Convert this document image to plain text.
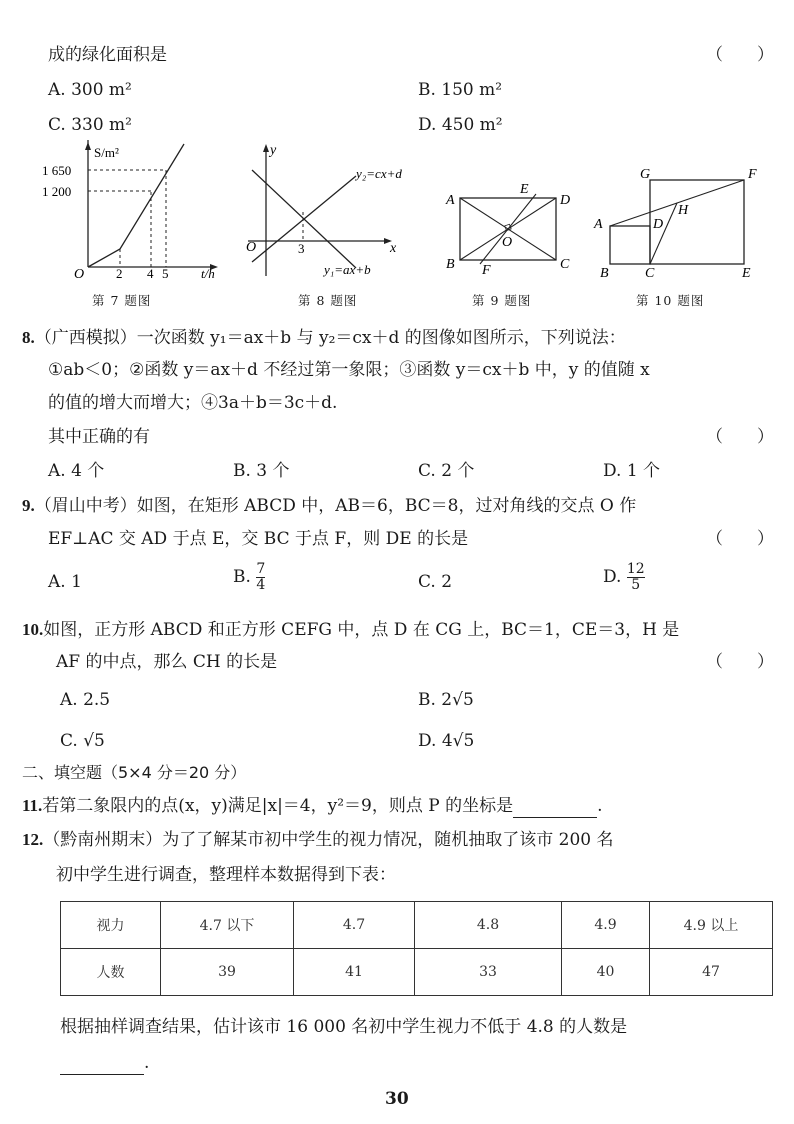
成的绿化面积是	（　　）
A. 300 m²	B. 150 m²
C. 330 m²	D. 450 m²
S/m²
t/h
1 650
1 200
2 4 5
O
第 7 题图
y
x
O	3
y₂=cx+d
y₁=ax+b
第 8 题图
A
B	C
D
E
F
O
第 9 题图
G	F
A	D
H
B	C	E
第 10 题图
8.（广西模拟）一次函数 y₁＝ax＋b 与 y₂＝cx＋d 的图像如图所示，下列说法：
①ab＜0；②函数 y＝ax＋d 不经过第一象限；③函数 y＝cx＋b 中，y 的值随 x
的值的增大而增大；④3a＋b＝3c＋d.
其中正确的有	（　　）
A. 4 个	B. 3 个	C. 2 个	D. 1 个
9.（眉山中考）如图，在矩形 ABCD 中，AB＝6，BC＝8，过对角线的交点 O 作
EF⊥AC 交 AD 于点 E，交 BC 于点 F，则 DE 的长是	（　　）
A. 1	B. $\frac{7}{4}$	C. 2	D. $\frac{12}{5}$
10.如图，正方形 ABCD 和正方形 CEFG 中，点 D 在 CG 上，BC＝1，CE＝3，H 是
AF 的中点，那么 CH 的长是	（　　）
A. 2.5	B. 2√5
C. √5	D. 4√5
二、填空题（5×4 分＝20 分）
11.若第二象限内的点(x，y)满足|x|＝4，y²＝9，则点 P 的坐标是	.
12.（黔南州期末）为了了解某市初中学生的视力情况，随机抽取了该市 200 名
初中学生进行调查，整理样本数据得到下表：
视力	4.7 以下	4.7	4.8	4.9	4.9 以上
人数	39	41	33	40	47
根据抽样调查结果，估计该市 16 000 名初中学生视力不低于 4.8 的人数是
.
30
